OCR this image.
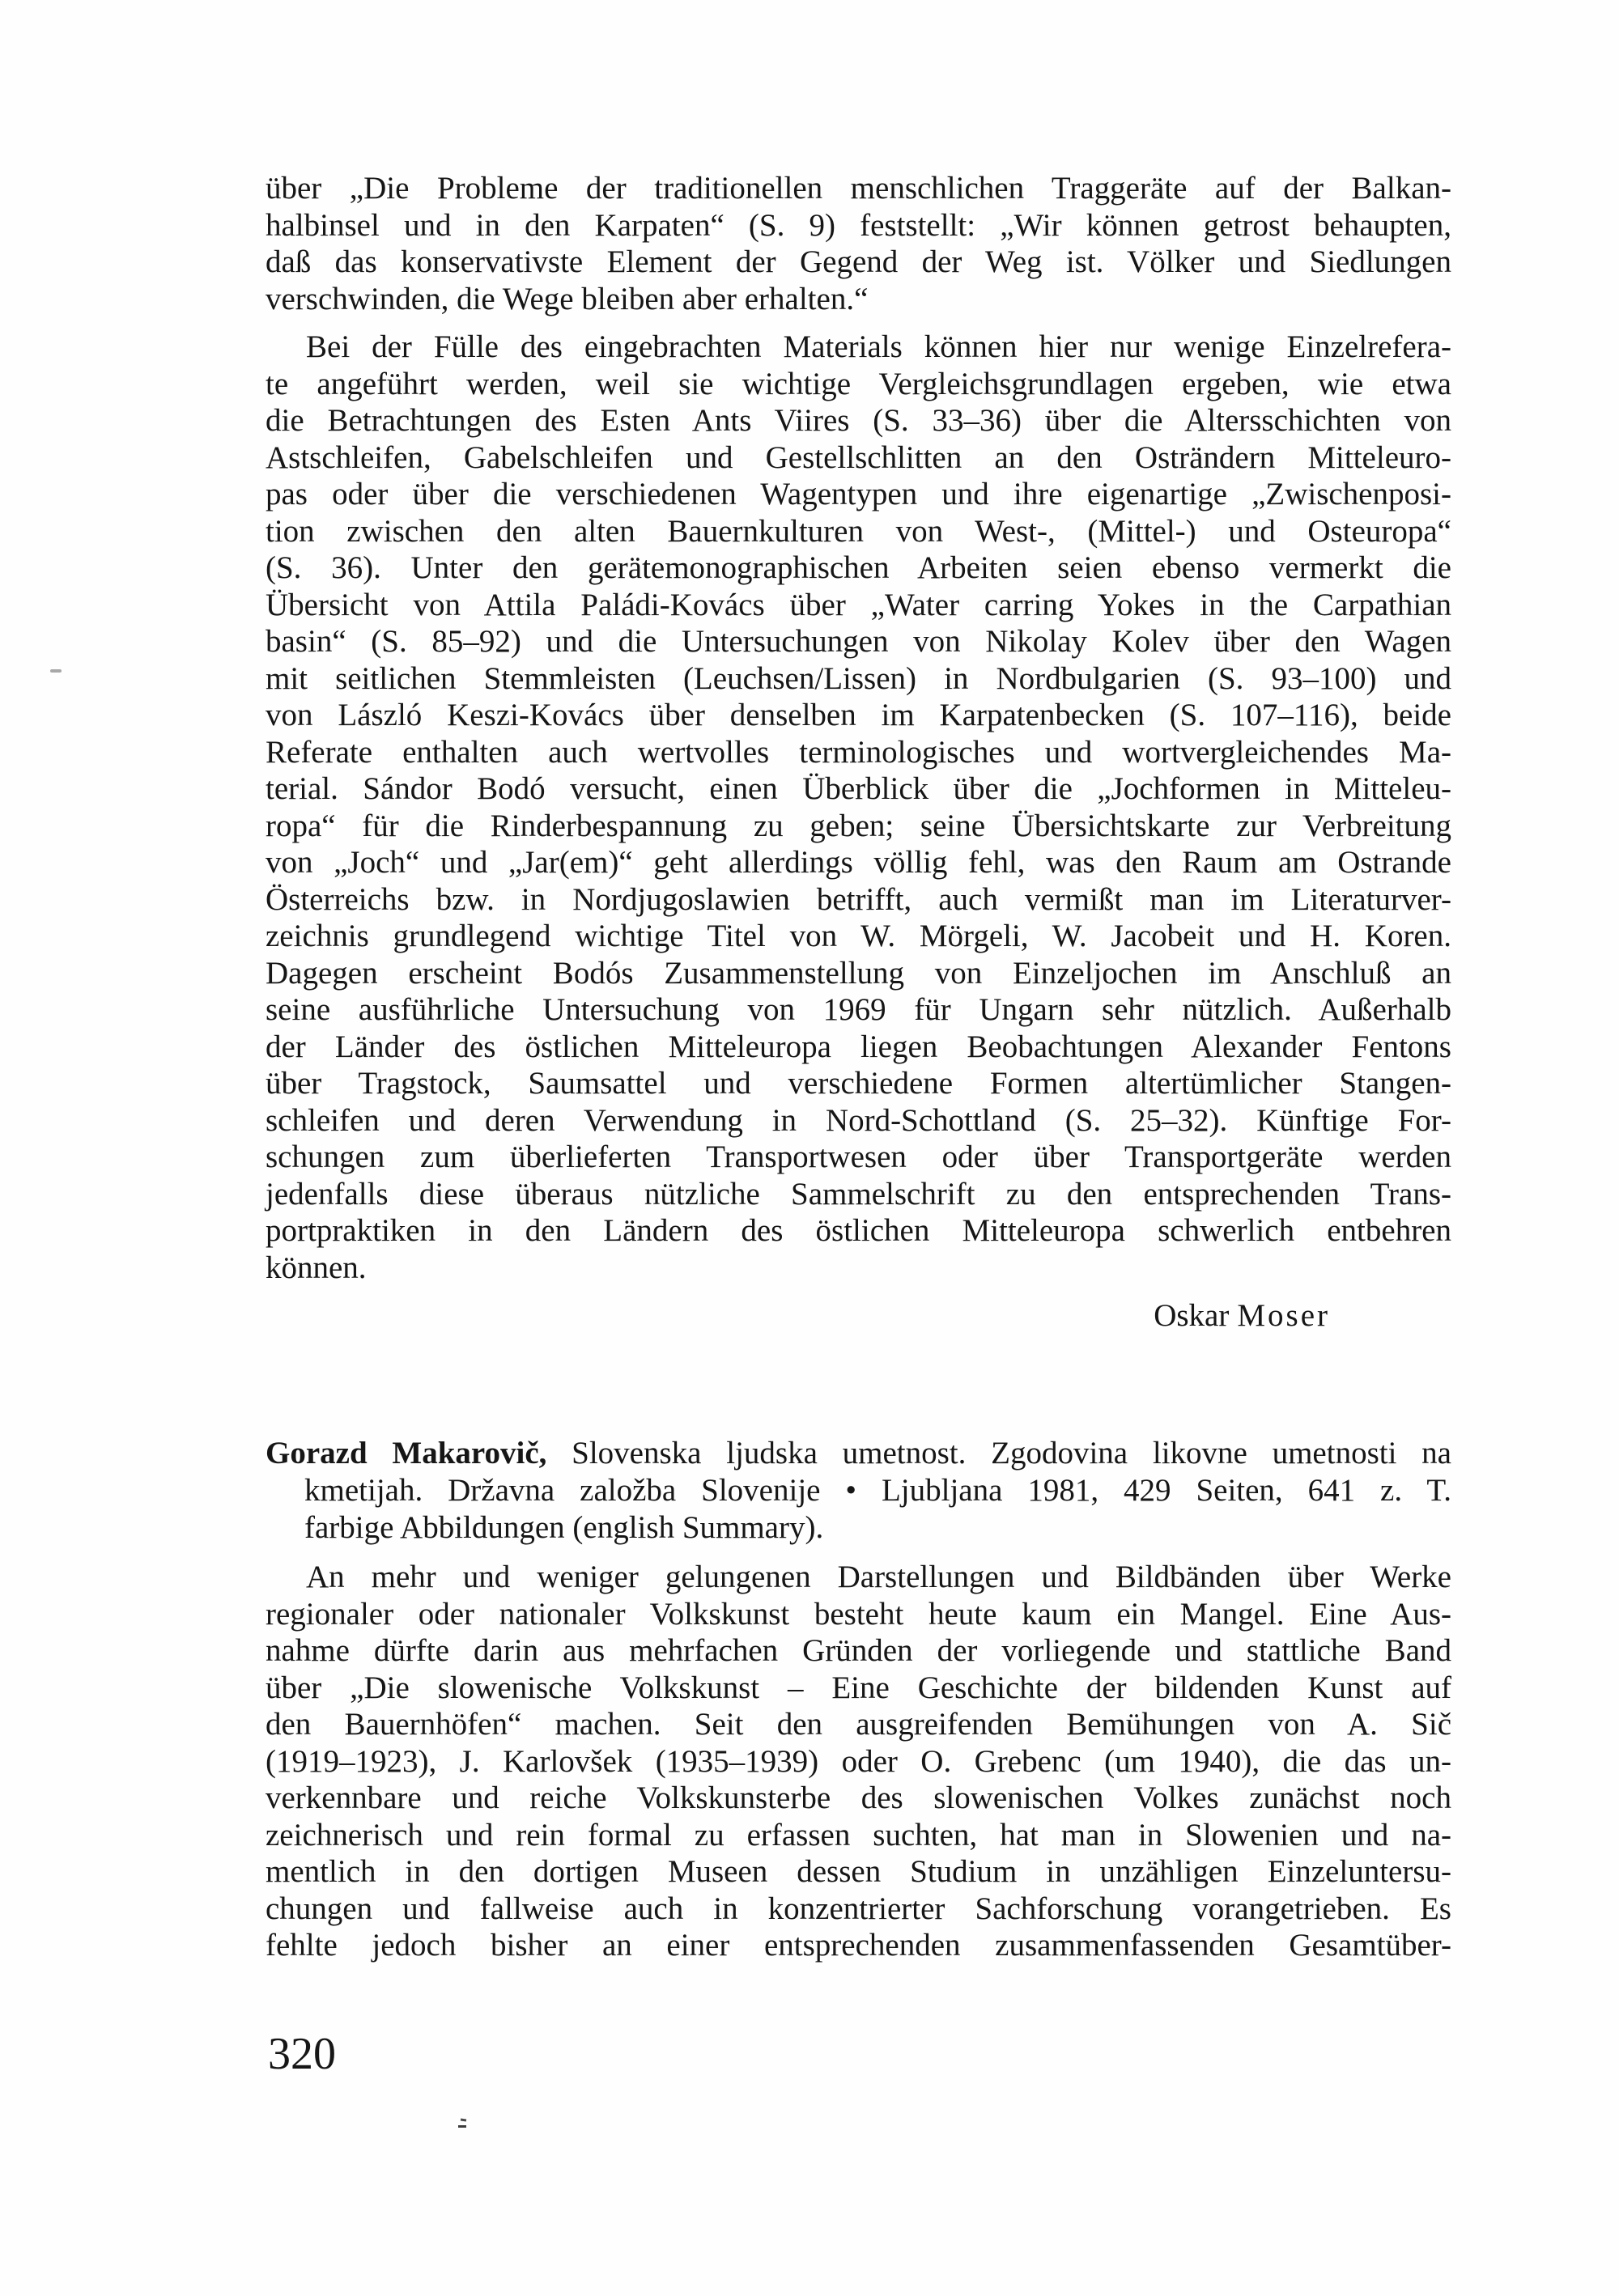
über „Die Probleme der traditionellen menschlichen Traggeräte auf der Balkan-
halbinsel und in den Karpaten“ (S. 9) feststellt: „Wir können getrost behaupten,
daß das konservativste Element der Gegend der Weg ist. Völker und Siedlungen
verschwinden, die Wege bleiben aber erhalten.“
Bei der Fülle des eingebrachten Materials können hier nur wenige Einzelrefera-
te angeführt werden, weil sie wichtige Vergleichsgrundlagen ergeben, wie etwa
die Betrachtungen des Esten Ants Viires (S. 33–36) über die Altersschichten von
Astschleifen, Gabelschleifen und Gestellschlitten an den Osträndern Mitteleuro-
pas oder über die verschiedenen Wagentypen und ihre eigenartige „Zwischenposi-
tion zwischen den alten Bauernkulturen von West-, (Mittel-) und Osteuropa“
(S. 36). Unter den gerätemonographischen Arbeiten seien ebenso vermerkt die
Übersicht von Attila Paládi-Kovács über „Water carring Yokes in the Carpathian
basin“ (S. 85–92) und die Untersuchungen von Nikolay Kolev über den Wagen
mit seitlichen Stemmleisten (Leuchsen/Lissen) in Nordbulgarien (S. 93–100) und
von László Keszi-Kovács über denselben im Karpatenbecken (S. 107–116), beide
Referate enthalten auch wertvolles terminologisches und wortvergleichendes Ma-
terial. Sándor Bodó versucht, einen Überblick über die „Jochformen in Mitteleu-
ropa“ für die Rinderbespannung zu geben; seine Übersichtskarte zur Verbreitung
von „Joch“ und „Jar(em)“ geht allerdings völlig fehl, was den Raum am Ostrande
Österreichs bzw. in Nordjugoslawien betrifft, auch vermißt man im Literaturver-
zeichnis grundlegend wichtige Titel von W. Mörgeli, W. Jacobeit und H. Koren.
Dagegen erscheint Bodós Zusammenstellung von Einzeljochen im Anschluß an
seine ausführliche Untersuchung von 1969 für Ungarn sehr nützlich. Außerhalb
der Länder des östlichen Mitteleuropa liegen Beobachtungen Alexander Fentons
über Tragstock, Saumsattel und verschiedene Formen altertümlicher Stangen-
schleifen und deren Verwendung in Nord-Schottland (S. 25–32). Künftige For-
schungen zum überlieferten Transportwesen oder über Transportgeräte werden
jedenfalls diese überaus nützliche Sammelschrift zu den entsprechenden Trans-
portpraktiken in den Ländern des östlichen Mitteleuropa schwerlich entbehren
können.
Oskar Moser
Gorazd Makarovič, Slovenska ljudska umetnost. Zgodovina likovne umetnosti na
kmetijah. Državna založba Slovenije • Ljubljana 1981, 429 Seiten, 641 z. T.
farbige Abbildungen (english Summary).
An mehr und weniger gelungenen Darstellungen und Bildbänden über Werke
regionaler oder nationaler Volkskunst besteht heute kaum ein Mangel. Eine Aus-
nahme dürfte darin aus mehrfachen Gründen der vorliegende und stattliche Band
über „Die slowenische Volkskunst – Eine Geschichte der bildenden Kunst auf
den Bauernhöfen“ machen. Seit den ausgreifenden Bemühungen von A. Sič
(1919–1923), J. Karlovšek (1935–1939) oder O. Grebenc (um 1940), die das un-
verkennbare und reiche Volkskunsterbe des slowenischen Volkes zunächst noch
zeichnerisch und rein formal zu erfassen suchten, hat man in Slowenien und na-
mentlich in den dortigen Museen dessen Studium in unzähligen Einzeluntersu-
chungen und fallweise auch in konzentrierter Sachforschung vorangetrieben. Es
fehlte jedoch bisher an einer entsprechenden zusammenfassenden Gesamtüber-
320
